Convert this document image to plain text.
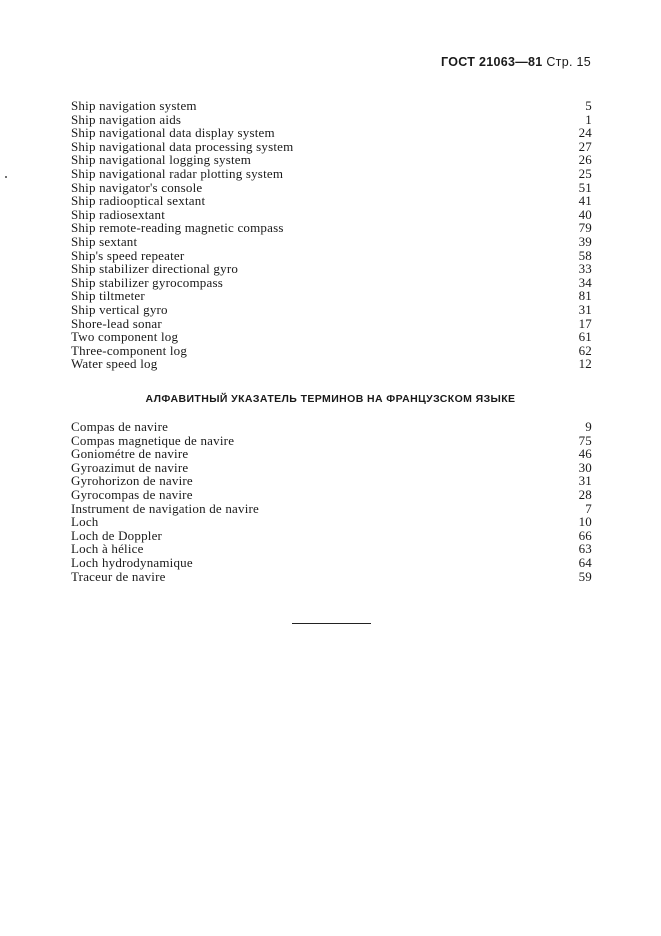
ГОСТ 21063—81 Стр. 15
Ship navigation system	5
Ship navigation aids	1
Ship navigational data display system	24
Ship navigational data processing system	27
Ship navigational logging system	26
Ship navigational radar plotting system	25
Ship navigator's console	51
Ship radiooptical sextant	41
Ship radiosextant	40
Ship remote-reading magnetic compass	79
Ship sextant	39
Ship's speed repeater	58
Ship stabilizer directional gyro	33
Ship stabilizer gyrocompass	34
Ship tiltmeter	81
Ship vertical gyro	31
Shore-lead sonar	17
Two component log	61
Three-component log	62
Water speed log	12
АЛФАВИТНЫЙ УКАЗАТЕЛЬ ТЕРМИНОВ НА ФРАНЦУЗСКОМ ЯЗЫКЕ
Compas de navire	9
Compas magnetique de navire	75
Goniométre de navire	46
Gyroazimut de navire	30
Gyrohorizon de navire	31
Gyrocompas de navire	28
Instrument de navigation de navire	7
Loch	10
Loch de Doppler	66
Loch à hélice	63
Loch hydrodynamique	64
Traceur de navire	59
